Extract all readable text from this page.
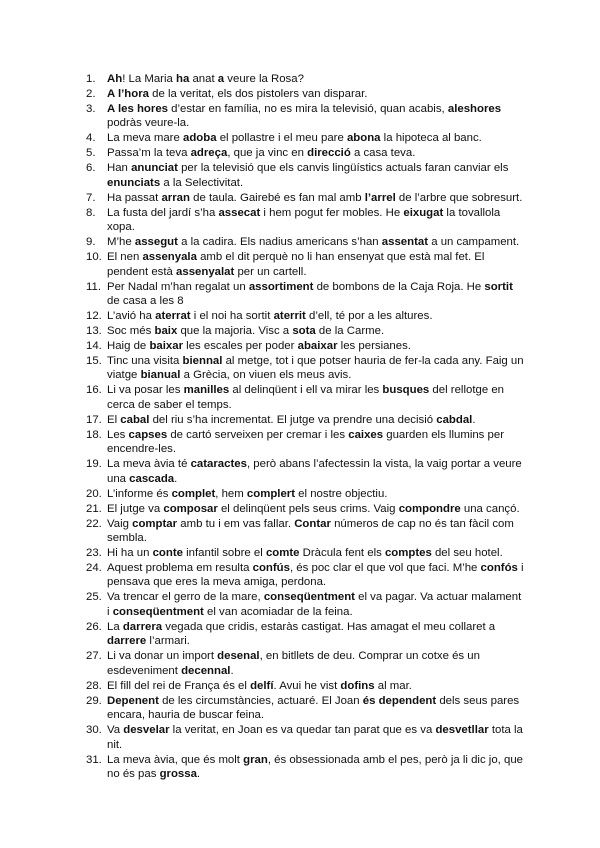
1 .	Ah! La Maria ha anat a veure la Rosa?
2 .	A l’hora de la veritat, els dos pistolers van disparar.
3 .	A les hores d’estar en família, no es mira la televisió, quan acabis, aleshores podràs veure-la.
4 .	La meva mare adoba el pollastre i el meu pare abona la hipoteca al banc.
5 .	Passa’m la teva adreça, que ja vinc en direcció a casa teva.
6 .	Han anunciat per la televisió que els canvis lingüístics actuals faran canviar els enunciats a la Selectivitat.
7 .	Ha passat arran de taula. Gairebé es fan mal amb l’arrel de l’arbre que sobresurt.
8 .	La fusta del jardí s’ha assecat i hem pogut fer mobles. He eixugat la tovallola xopa.
9 .	M’he assegut a la cadira. Els nadius americans s’han assentat a un campament.
10 . El nen assenyala amb el dit perquè no li han ensenyat que està mal fet. El pendent està assenyalat per un cartell.
11 . Per Nadal m’han regalat un assortiment de bombons de la Caja Roja. He sortit de casa a les 8
12 . L’avió ha aterrat i el noi ha sortit aterrit d’ell, té por a les altures.
13 . Soc més baix que la majoria. Visc a sota de la Carme.
14 . Haig de baixar les escales per poder abaixar les persianes.
15 . Tinc una visita biennal al metge, tot i que potser hauria de fer-la cada any. Faig un viatge bianual a Grècia, on viuen els meus avis.
16 . Li va posar les manilles al delinqüent i ell va mirar les busques del rellotge en cerca de saber el temps.
17 . El cabal del riu s’ha incrementat. El jutge va prendre una decisió cabdal.
18 . Les capses de cartó serveixen per cremar i les caixes guarden els llumins per encendre-les.
19 . La meva àvia té cataractes, però abans l’afectessin la vista, la vaig portar a veure una cascada.
20 . L’informe és complet, hem complert el nostre objectiu.
21 . El jutge va composar el delinqüent pels seus crims. Vaig compondre una cançó.
22 . Vaig comptar amb tu i em vas fallar. Contar números de cap no és tan fàcil com sembla.
23 . Hi ha un conte infantil sobre el comte Dràcula fent els comptes del seu hotel.
24 . Aquest problema em resulta confús, és poc clar el que vol que faci. M’he confós i pensava que eres la meva amiga, perdona.
25 . Va trencar el gerro de la mare, conseqüentment el va pagar. Va actuar malament i conseqüentment el van acomiadar de la feina.
26 . La darrera vegada que cridis, estaràs castigat. Has amagat el meu collaret a darrere l’armari.
27 . Li va donar un import desenal, en bitllets de deu. Comprar un cotxe és un esdeveniment decennal.
28 . El fill del rei de França és el delfí. Avui he vist dofins al mar.
29 . Depenent de les circumstàncies, actuaré. El Joan és dependent dels seus pares encara, hauria de buscar feina.
30 . Va desvelar la veritat, en Joan es va quedar tan parat que es va desvetllar tota la nit.
31 . La meva àvia, que és molt gran, és obsessionada amb el pes, però ja li dic jo, que no és pas grossa.
